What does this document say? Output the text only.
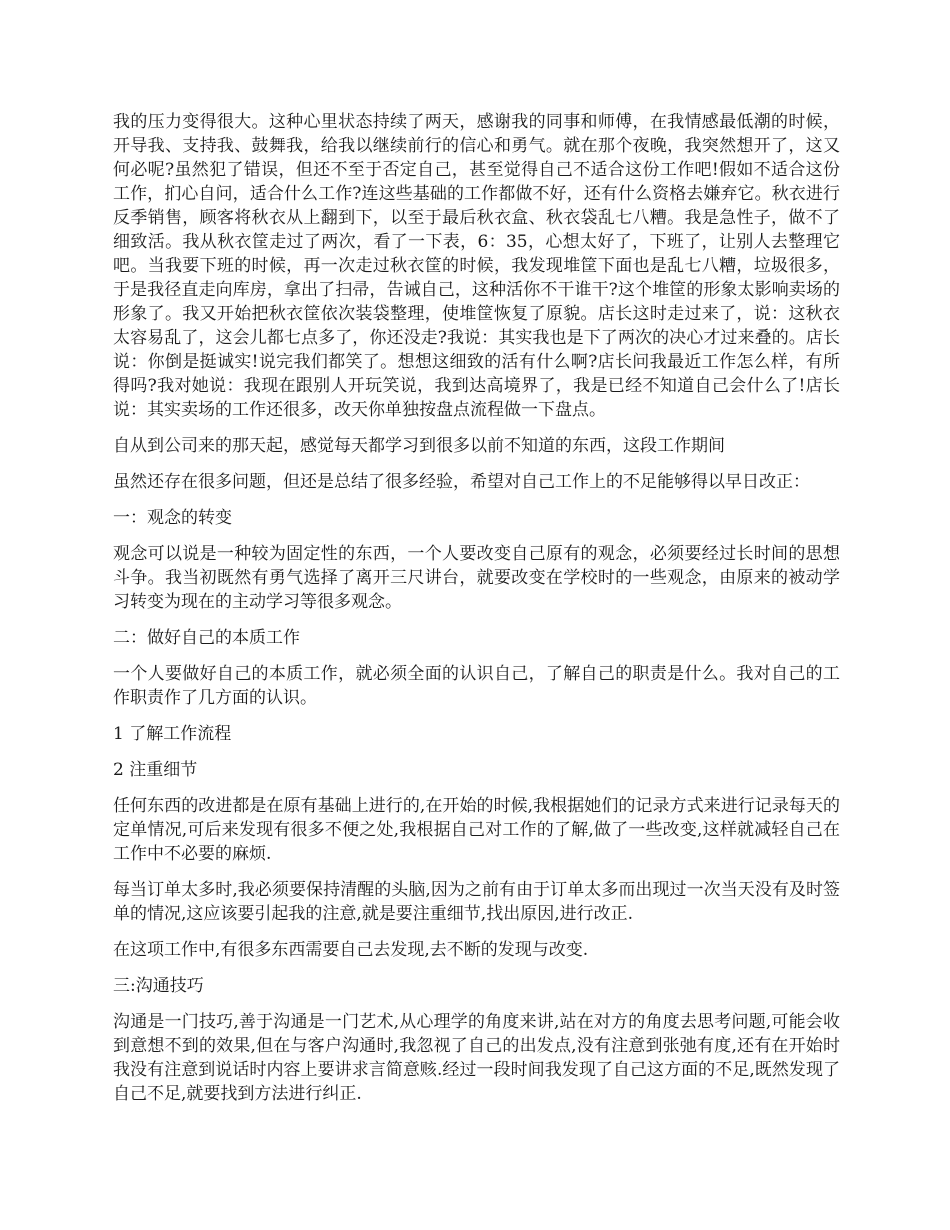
我的压力变得很大。这种心里状态持续了两天，感谢我的同事和师傅，在我情感最低潮的时候，开导我、支持我、鼓舞我，给我以继续前行的信心和勇气。就在那个夜晚，我突然想开了，这又何必呢?虽然犯了错误，但还不至于否定自己，甚至觉得自己不适合这份工作吧!假如不适合这份工作，扪心自问，适合什么工作?连这些基础的工作都做不好，还有什么资格去嫌弃它。秋衣进行反季销售，顾客将秋衣从上翻到下，以至于最后秋衣盒、秋衣袋乱七八糟。我是急性子，做不了细致活。我从秋衣筐走过了两次，看了一下表，6：35，心想太好了，下班了，让别人去整理它吧。当我要下班的时候，再一次走过秋衣筐的时候，我发现堆筐下面也是乱七八糟，垃圾很多，于是我径直走向库房，拿出了扫帚，告诫自己，这种活你不干谁干?这个堆筐的形象太影响卖场的形象了。我又开始把秋衣筐依次装袋整理，使堆筐恢复了原貌。店长这时走过来了，说：这秋衣太容易乱了，这会儿都七点多了，你还没走?我说：其实我也是下了两次的决心才过来叠的。店长说：你倒是挺诚实!说完我们都笑了。想想这细致的活有什么啊?店长问我最近工作怎么样，有所得吗?我对她说：我现在跟别人开玩笑说，我到达高境界了，我是已经不知道自己会什么了!店长说：其实卖场的工作还很多，改天你单独按盘点流程做一下盘点。

自从到公司来的那天起，感觉每天都学习到很多以前不知道的东西，这段工作期间

虽然还存在很多问题，但还是总结了很多经验，希望对自己工作上的不足能够得以早日改正：

一：观念的转变

观念可以说是一种较为固定性的东西，一个人要改变自己原有的观念，必须要经过长时间的思想斗争。我当初既然有勇气选择了离开三尺讲台，就要改变在学校时的一些观念，由原来的被动学习转变为现在的主动学习等很多观念。

二：做好自己的本质工作

一个人要做好自己的本质工作，就必须全面的认识自己，了解自己的职责是什么。我对自己的工作职责作了几方面的认识。

1 了解工作流程

2 注重细节

任何东西的改进都是在原有基础上进行的,在开始的时候,我根据她们的记录方式来进行记录每天的定单情况,可后来发现有很多不便之处,我根据自己对工作的了解,做了一些改变,这样就减轻自己在工作中不必要的麻烦.

每当订单太多时,我必须要保持清醒的头脑,因为之前有由于订单太多而出现过一次当天没有及时签单的情况,这应该要引起我的注意,就是要注重细节,找出原因,进行改正.

在这项工作中,有很多东西需要自己去发现,去不断的发现与改变.

三:沟通技巧

沟通是一门技巧,善于沟通是一门艺术,从心理学的角度来讲,站在对方的角度去思考问题,可能会收到意想不到的效果,但在与客户沟通时,我忽视了自己的出发点,没有注意到张弛有度,还有在开始时我没有注意到说话时内容上要讲求言简意赅.经过一段时间我发现了自己这方面的不足,既然发现了自己不足,就要找到方法进行纠正.
